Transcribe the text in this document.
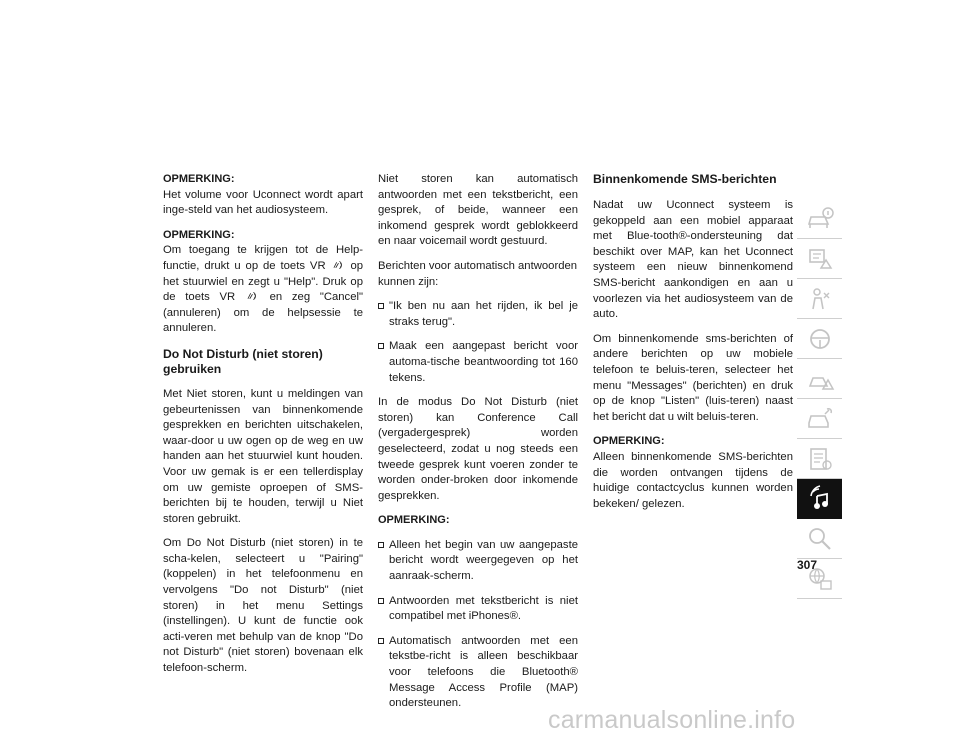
OPMERKING:
Het volume voor Uconnect wordt apart inge-steld van het audiosysteem.

OPMERKING:
Om toegang te krijgen tot de Help-functie, drukt u op de toets VR op het stuurwiel en zegt u "Help". Druk op de toets VR	en zeg "Cancel" (annuleren) om de helpsessie te annuleren.

Do Not Disturb (niet storen) gebruiken

Met Niet storen, kunt u meldingen van gebeurtenissen van binnenkomende gesprekken en berichten uitschakelen, waar-door u uw ogen op de weg en uw handen aan het stuurwiel kunt houden. Voor uw gemak is er een tellerdisplay om uw gemiste oproepen of SMS-berichten bij te houden, terwijl u Niet storen gebruikt.

Om Do Not Disturb (niet storen) in te scha-kelen, selecteert u "Pairing" (koppelen) in het telefoonmenu en vervolgens "Do not Disturb" (niet storen) in het menu Settings (instellingen). U kunt de functie ook acti-veren met behulp van de knop "Do not Disturb" (niet storen) bovenaan elk telefoon-scherm.

Niet storen kan automatisch antwoorden met een tekstbericht, een gesprek, of beide, wanneer een inkomend gesprek wordt geblokkeerd en naar voicemail wordt gestuurd.

Berichten voor automatisch antwoorden kunnen zijn:

"Ik ben nu aan het rijden, ik bel je straks terug".
Maak een aangepast bericht voor automa-tische beantwoording tot 160 tekens.

In de modus Do Not Disturb (niet storen) kan Conference Call (vergadergesprek) worden geselecteerd, zodat u nog steeds een tweede gesprek kunt voeren zonder te worden onder-broken door inkomende gesprekken.

OPMERKING:

Alleen het begin van uw aangepaste bericht wordt weergegeven op het aanraak-scherm.
Antwoorden met tekstbericht is niet compatibel met iPhones®.
Automatisch antwoorden met een tekstbe-richt is alleen beschikbaar voor telefoons die Bluetooth® Message Access Profile (MAP) ondersteunen.
Binnenkomende SMS-berichten

Nadat uw Uconnect systeem is gekoppeld aan een mobiel apparaat met Blue-tooth®-ondersteuning dat beschikt over MAP, kan het Uconnect systeem een nieuw binnenkomend SMS-bericht aankondigen en aan u voorlezen via het audiosysteem van de auto.

Om binnenkomende sms-berichten of andere berichten op uw mobiele telefoon te beluis-teren, selecteer het menu "Messages" (berichten) en druk op de knop "Listen" (luis-teren) naast het bericht dat u wilt beluis-teren.

OPMERKING:
Alleen binnenkomende SMS-berichten die worden ontvangen tijdens de huidige contactcyclus kunnen worden bekeken/ gelezen.

307
carmanualsonline.info
